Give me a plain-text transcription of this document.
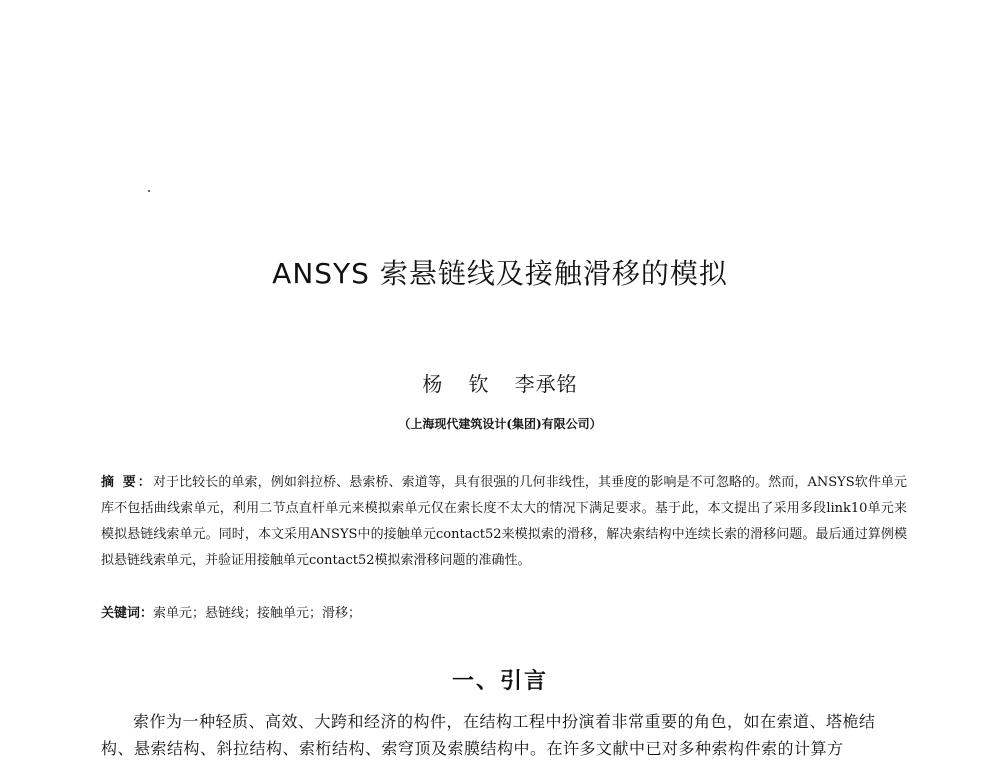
ANSYS 索悬链线及接触滑移的模拟

杨 钦 李承铭

（上海现代建筑设计(集团)有限公司）

摘 要：对于比较长的单索，例如斜拉桥、悬索桥、索道等，具有很强的几何非线性，其垂度的影响是不可忽略的。然而，ANSYS软件单元库不包括曲线索单元，利用二节点直杆单元来模拟索单元仅在索长度不太大的情况下满足要求。基于此，本文提出了采用多段link10单元来模拟悬链线索单元。同时，本文采用ANSYS中的接触单元contact52来模拟索的滑移，解决索结构中连续长索的滑移问题。最后通过算例模拟悬链线索单元，并验证用接触单元contact52模拟索滑移问题的准确性。

关键词：索单元；悬链线；接触单元；滑移；

一、引言

索作为一种轻质、高效、大跨和经济的构件，在结构工程中扮演着非常重要的角色，如在索道、塔桅结构、悬索结构、斜拉结构、索桁结构、索穹顶及索膜结构中。在许多文献中已对多种索构件索的计算方
